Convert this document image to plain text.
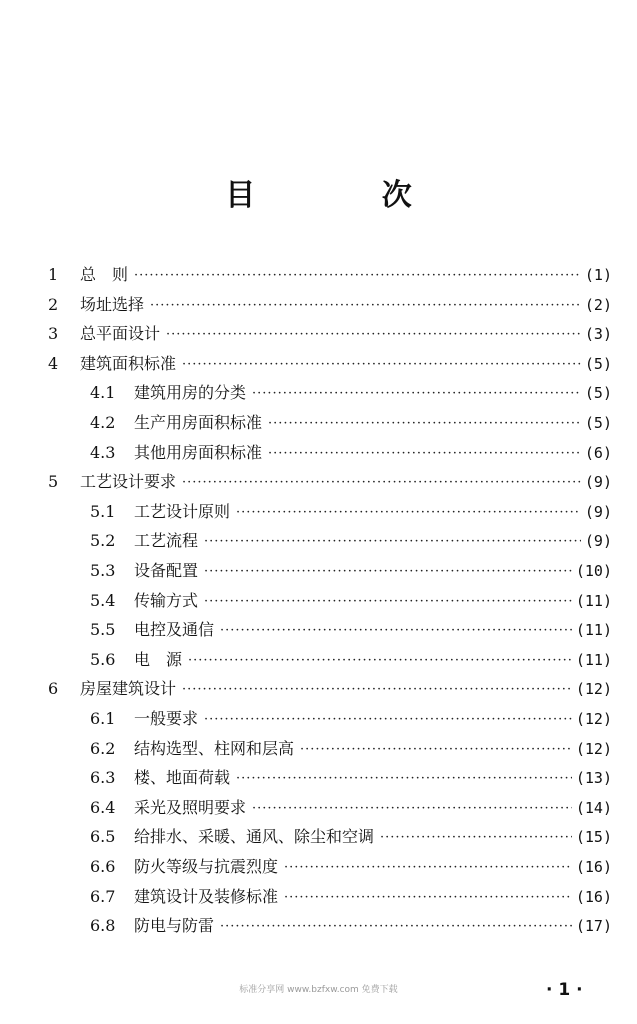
目 次
1	总　则 ·····	(1)
2	场址选择 ·····	(2)
3	总平面设计 ·····	(3)
4	建筑面积标准 ·····	(5)
4.1	建筑用房的分类 ·····	(5)
4.2	生产用房面积标准 ·····	(5)
4.3	其他用房面积标准 ·····	(6)
5	工艺设计要求 ·····	(9)
5.1	工艺设计原则 ·····	(9)
5.2	工艺流程 ·····	(9)
5.3	设备配置 ·····	(10)
5.4	传输方式 ·····	(11)
5.5	电控及通信 ·····	(11)
5.6	电　源 ·····	(11)
6	房屋建筑设计 ·····	(12)
6.1	一般要求 ·····	(12)
6.2	结构选型、柱网和层高 ·····	(12)
6.3	楼、地面荷载 ·····	(13)
6.4	采光及照明要求 ·····	(14)
6.5	给排水、采暖、通风、除尘和空调 ·····	(15)
6.6	防火等级与抗震烈度 ·····	(16)
6.7	建筑设计及装修标准 ·····	(16)
6.8	防电与防雷 ·····	(17)
标准分享网 www.bzfxw.com 免费下载	· 1 ·
